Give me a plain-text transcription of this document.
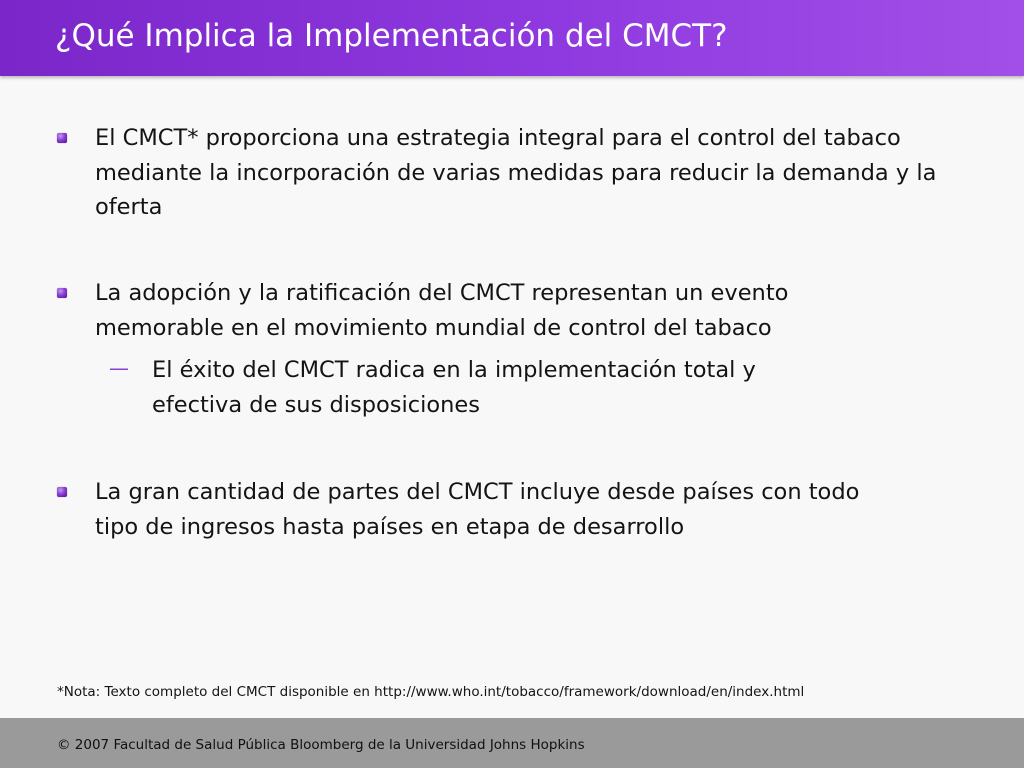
¿Qué Implica la Implementación del CMCT?
El CMCT* proporciona una estrategia integral para el control del tabaco mediante la incorporación de varias medidas para reducir la demanda y la oferta
La adopción y la ratificación del CMCT representan un evento memorable en el movimiento mundial de control del tabaco
— El éxito del CMCT radica en la implementación total y efectiva de sus disposiciones
La gran cantidad de partes del CMCT incluye desde países con todo tipo de ingresos hasta países en etapa de desarrollo
*Nota: Texto completo del CMCT disponible en http://www.who.int/tobacco/framework/download/en/index.html
© 2007 Facultad de Salud Pública Bloomberg de la Universidad Johns Hopkins
